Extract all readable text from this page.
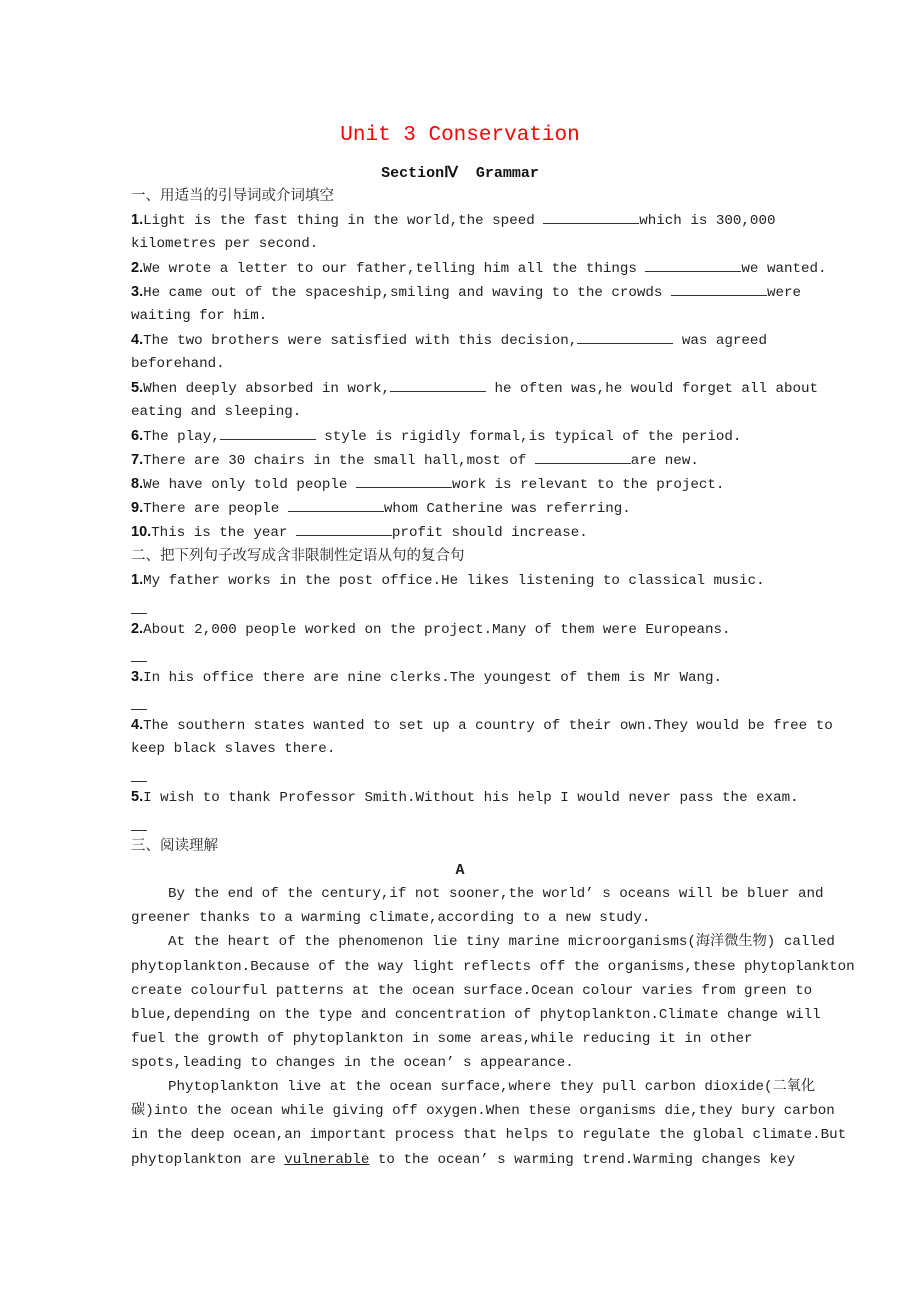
Unit 3 Conservation
SectionⅣ  Grammar
一、用适当的引导词或介词填空
1.Light is the fast thing in the world,the speed	which is 300,000
kilometres per second.
2.We wrote a letter to our father,telling him all the things	we wanted.
3.He came out of the spaceship,smiling and waving to the crowds	were
waiting for him.
4.The two brothers were satisfied with this decision,	was agreed
beforehand.
5.When deeply absorbed in work,	he often was,he would forget all about
eating and sleeping.
6.The play,	style is rigidly formal,is typical of the period.
7.There are 30 chairs in the small hall,most of	are new.
8.We have only told people	work is relevant to the project.
9.There are people	whom Catherine was referring.
10.This is the year	profit should increase.
二、把下列句子改写成含非限制性定语从句的复合句
1.My father works in the post office.He likes listening to classical music.
2.About 2,000 people worked on the project.Many of them were Europeans.
3.In his office there are nine clerks.The youngest of them is Mr Wang.
4.The southern states wanted to set up a country of their own.They would be free to
keep black slaves there.
5.I wish to thank Professor Smith.Without his help I would never pass the exam.
三、阅读理解
A
By the end of the century,if not sooner,the world’ s oceans will be bluer and
greener thanks to a warming climate,according to a new study.
At the heart of the phenomenon lie tiny marine microorganisms(海洋微生物) called
phytoplankton.Because of the way light reflects off the organisms,these phytoplankton
create colourful patterns at the ocean surface.Ocean colour varies from green to
blue,depending on the type and concentration of phytoplankton.Climate change will
fuel the growth of phytoplankton in some areas,while reducing it in other
spots,leading to changes in the ocean’ s appearance.
Phytoplankton live at the ocean surface,where they pull carbon dioxide(二氧化
碳)into the ocean while giving off oxygen.When these organisms die,they bury carbon
in the deep ocean,an important process that helps to regulate the global climate.But
phytoplankton are vulnerable to the ocean’ s warming trend.Warming changes key
